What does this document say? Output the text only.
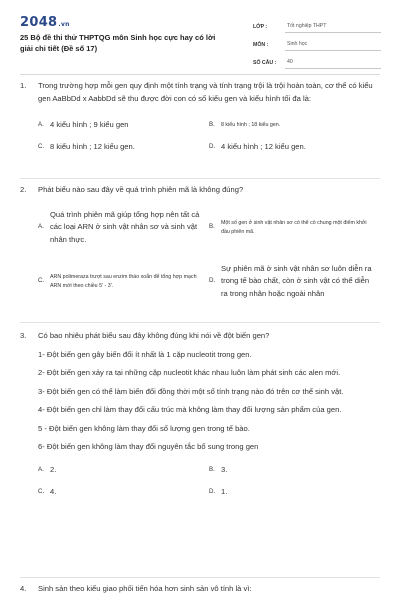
2048.vn
25 Bộ đề thi thử THPTQG môn Sinh học cực hay có lời giải chi tiết (Đề số 17)
LỚP :	Tốt nghiệp THPT
MÔN :	Sinh học
SỐ CÂU :	40
1.	Trong trường hợp mỗi gen quy định một tính trạng và tính trạng trội là trội hoàn toàn, cơ thể có kiểu gen AaBbDd x AabbDd sẽ thu được đời con có số kiểu gen và kiểu hình tối đa là:
A. 4 kiểu hình ; 9 kiểu gen	B.	8 kiểu hình ; 18 kiểu gen.
C. 8 kiểu hình ; 12 kiểu gen.	D. 4 kiểu hình ; 12 kiểu gen.
2.	Phát biểu nào sau đây về quá trình phiên mã là không đúng?
A.
Quá trình phiên mã giúp tổng hợp nên tất cả các loại ARN ở sinh vật nhân sơ và sinh vật nhân thực.
B.
Một số gen ở sinh vật nhân sơ có thể có chung một điểm khởi đầu phiên mã.
C.
ARN polimeraza trượt sau enzim tháo xoắn để tổng hợp mạch ARN mới theo chiều 5' - 3'.
D.
Sự phiên mã ở sinh vật nhân sơ luôn diễn ra trong tế bào chất, còn ở sinh vật có thể diễn ra trong nhân hoặc ngoài nhân
3.	Có bao nhiêu phát biểu sau đây không đúng khi nói về đột biến gen?
1- Đột biến gen gây biến đổi ít nhất là 1 cặp nucleotit trong gen.
2- Đột biến gen xảy ra tại những cặp nucleotit khác nhau luôn làm phát sinh các alen mới.
3- Đột biến gen có thể làm biến đổi đồng thời một số tính trạng nào đó trên cơ thể sinh vật.
4- Đột biến gen chỉ làm thay đổi cấu trúc mà không làm thay đổi lượng sản phẩm của gen.
5 - Đột biến gen không làm thay đổi số lượng gen trong tế bào.
6- Đột biến gen không làm thay đổi nguyên tắc bổ sung trong gen
A. 2.	B. 3.
C. 4.	D. 1.
4.	Sinh sản theo kiểu giao phối tiến hóa hơn sinh sản vô tính là vì:
